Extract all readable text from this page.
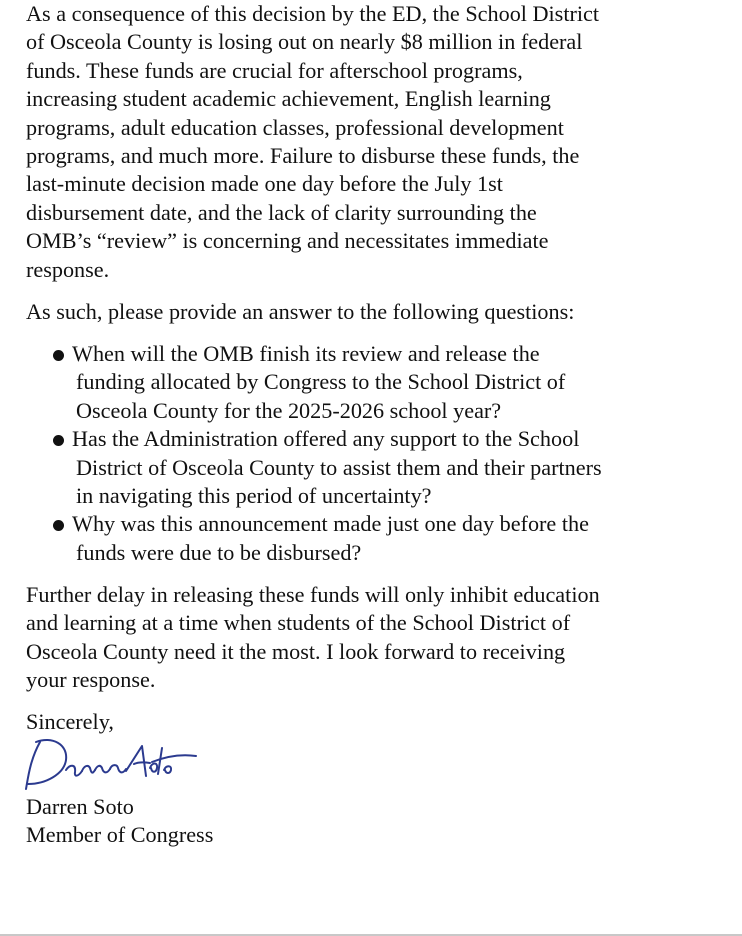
As a consequence of this decision by the ED, the School District
of Osceola County is losing out on nearly $8 million in federal
funds. These funds are crucial for afterschool programs,
increasing student academic achievement, English learning
programs, adult education classes, professional development
programs, and much more. Failure to disburse these funds, the
last-minute decision made one day before the July 1st
disbursement date, and the lack of clarity surrounding the
OMB’s “review” is concerning and necessitates immediate
response.

As such, please provide an answer to the following questions:

When will the OMB finish its review and release the
funding allocated by Congress to the School District of
Osceola County for the 2025-2026 school year?
Has the Administration offered any support to the School
District of Osceola County to assist them and their partners
in navigating this period of uncertainty?
Why was this announcement made just one day before the
funds were due to be disbursed?

Further delay in releasing these funds will only inhibit education
and learning at a time when students of the School District of
Osceola County need it the most. I look forward to receiving
your response.

Sincerely,

Darren Soto

Darren Soto
Member of Congress
